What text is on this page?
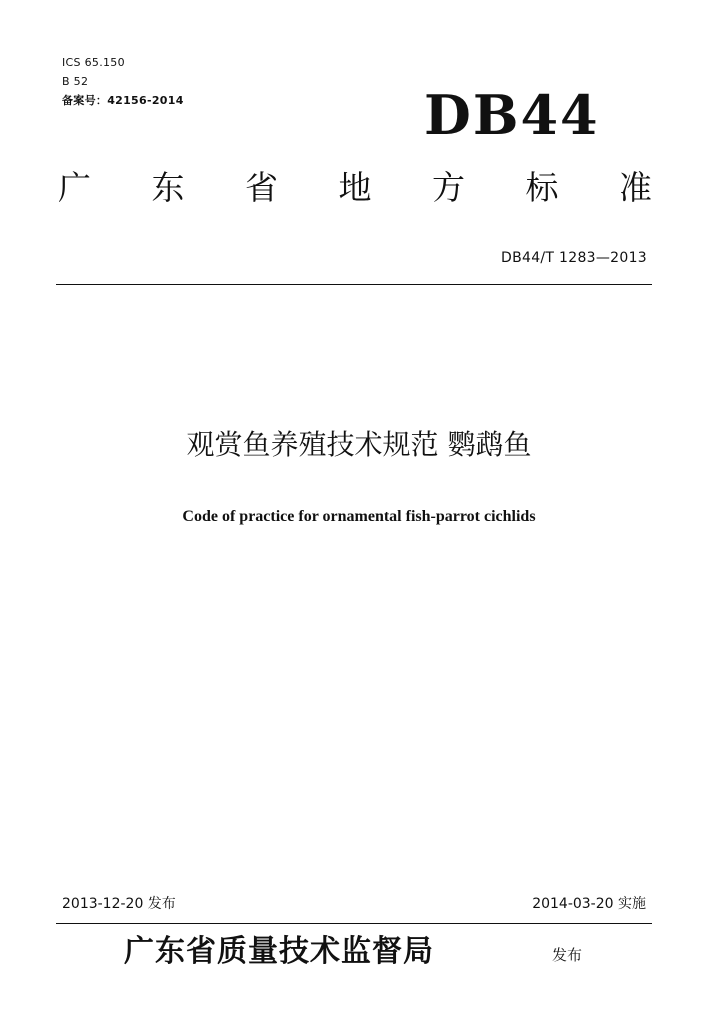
ICS 65.150
B 52
备案号：42156-2014	DB44
广 东 省 地 方 标 准
DB44/T 1283—2013
观赏鱼养殖技术规范 鹦鹉鱼
Code of practice for ornamental fish-parrot cichlids
2013-12-20 发布	2014-03-20 实施
广东省质量技术监督局	发布
